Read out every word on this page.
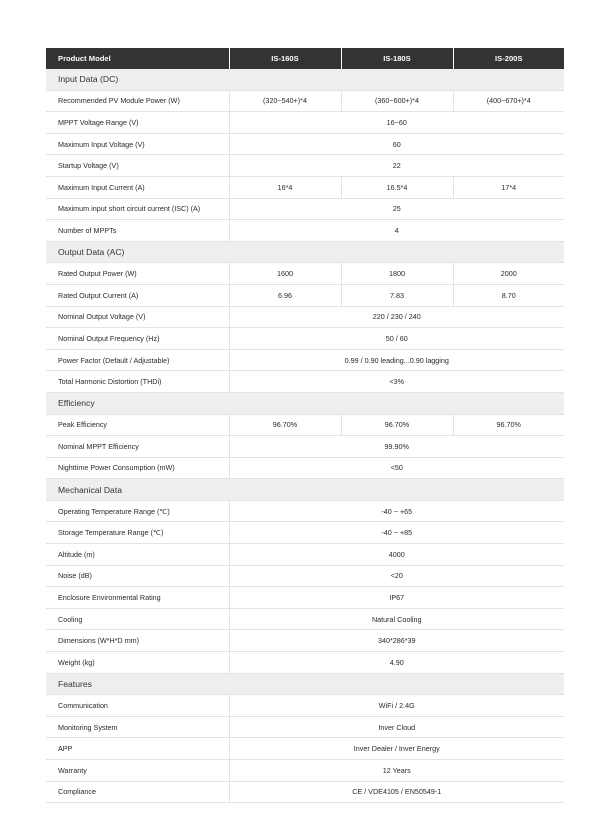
Product Model	IS-160S	IS-180S	IS-200S
Input Data (DC)			
Recommended PV Module Power (W)	(320~540+)*4	(360~600+)*4	(400~670+)*4
MPPT Voltage Range (V)	16~60		
Maximum Input Voltage (V)	60		
Startup Voltage (V)	22		
Maximum Input Current (A)	16*4	16.5*4	17*4
Maximum input short circuit current (ISC) (A)	25		
Number of MPPTs	4		
Output Data (AC)			
Rated Output Power (W)	1600	1800	2000
Rated Output Current (A)	6.96	7.83	8.70
Nominal Output Voltage (V)	220 / 230 / 240		
Nominal Output Frequency (Hz)	50 / 60		
Power Factor (Default / Adjustable)	0.99 / 0.90 leading...0.90 lagging		
Total Harmonic Distortion (THDi)	<3%		
Efficiency			
Peak Efficiency	96.70%	96.70%	96.70%
Nominal MPPT Efficiency	99.90%		
Nighttime Power Consumption (mW)	<50		
Mechanical Data			
Operating Temperature Range (℃)	-40 ~ +65		
Storage Temperature Range (℃)	-40 ~ +85		
Altitude (m)	4000		
Noise (dB)	<20		
Enclosure Environmental Rating	IP67		
Cooling	Natural Cooling		
Dimensions (W*H*D mm)	340*286*39		
Weight (kg)	4.90		
Features			
Communication	WiFi / 2.4G		
Monitoring System	Inver Cloud		
APP	Inver Dealer / Inver Energy		
Warranty	12 Years		
Compliance	CE / VDE4105 / EN50549-1		
